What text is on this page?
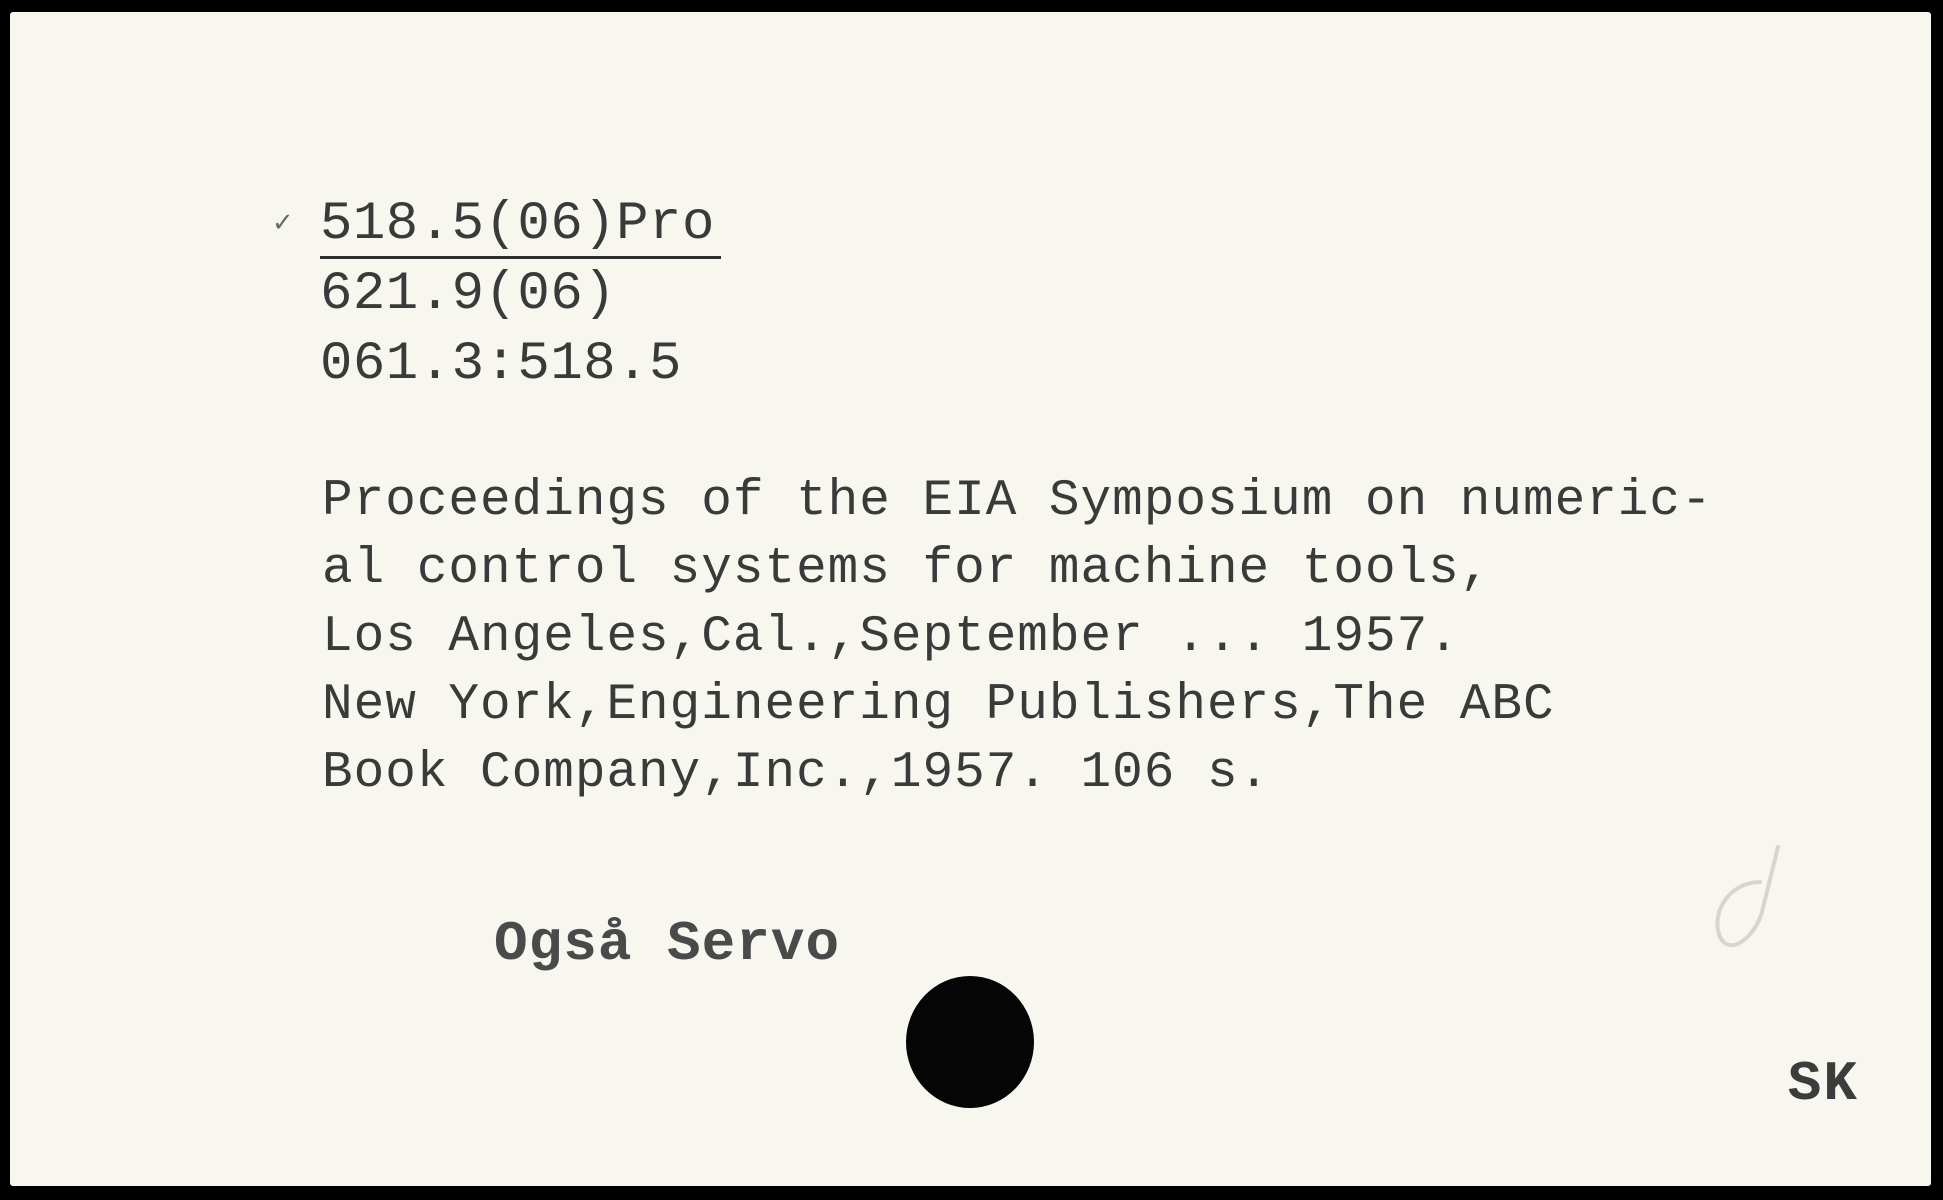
✓ 518.5(06)Pro
621.9(06)
061.3:518.5
Proceedings of the EIA Symposium on numeric-
al control systems for machine tools,
Los Angeles,Cal.,September ... 1957.
New York,Engineering Publishers,The ABC
Book Company,Inc.,1957. 106 s.
Også Servo
SK
